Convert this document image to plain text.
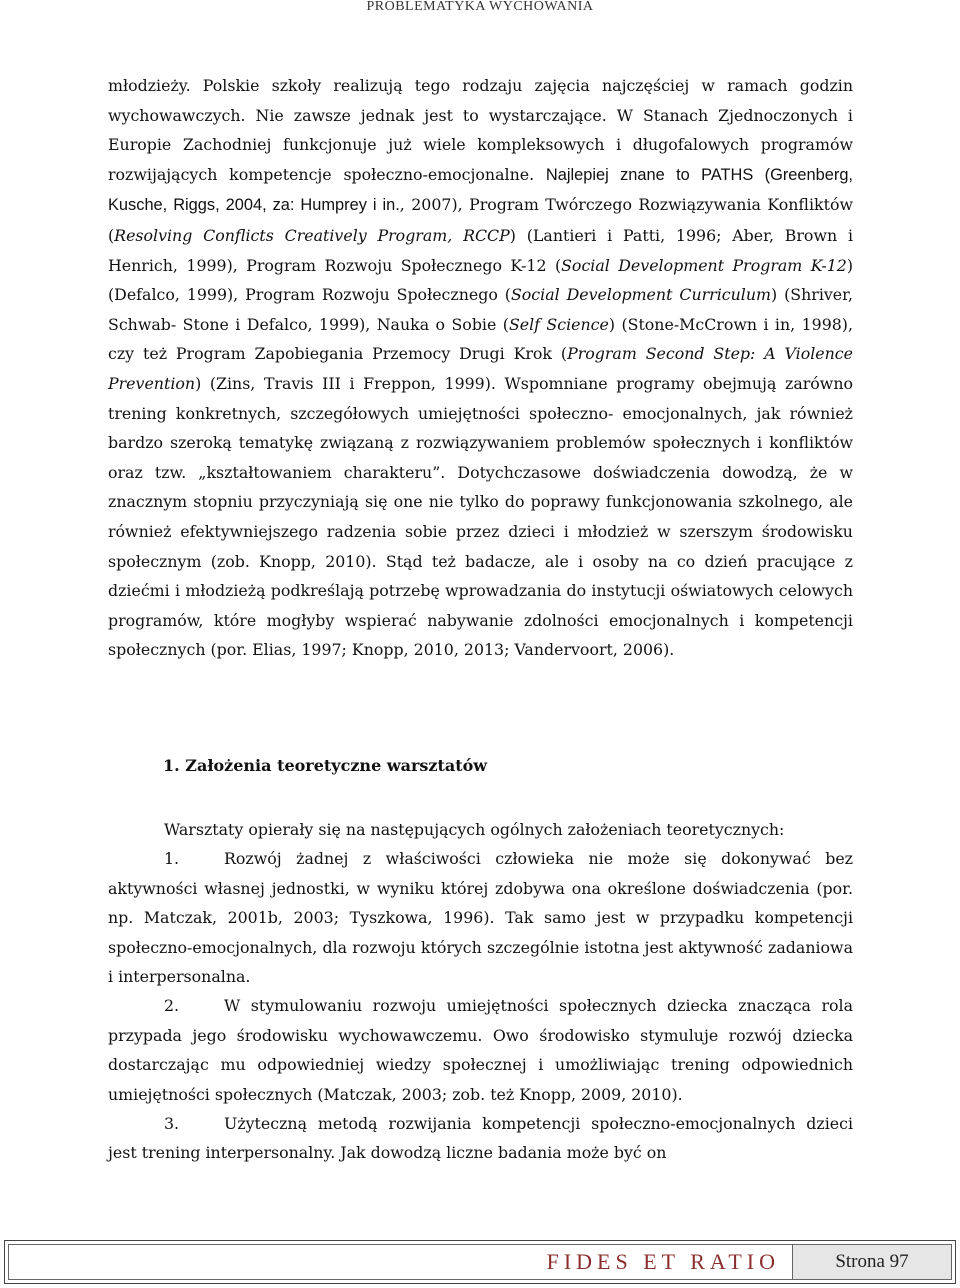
PROBLEMATYKA WYCHOWANIA

młodzieży. Polskie szkoły realizują tego rodzaju zajęcia najczęściej w ramach godzin wychowawczych. Nie zawsze jednak jest to wystarczające. W Stanach Zjednoczonych i Europie Zachodniej funkcjonuje już wiele kompleksowych i długofalowych programów rozwijających kompetencje społeczno-emocjonalne. Najlepiej znane to PATHS (Greenberg, Kusche, Riggs, 2004, za: Humprey i in., 2007), Program Twórczego Rozwiązywania Konfliktów (Resolving Conflicts Creatively Program, RCCP) (Lantieri i Patti, 1996; Aber, Brown i Henrich, 1999), Program Rozwoju Społecznego K-12 (Social Development Program K-12) (Defalco, 1999), Program Rozwoju Społecznego (Social Development Curriculum) (Shriver, Schwab- Stone i Defalco, 1999), Nauka o Sobie (Self Science) (Stone-McCrown i in, 1998), czy też Program Zapobiegania Przemocy Drugi Krok (Program Second Step: A Violence Prevention) (Zins, Travis III i Freppon, 1999). Wspomniane programy obejmują zarówno trening konkretnych, szczegółowych umiejętności społeczno- emocjonalnych, jak również bardzo szeroką tematykę związaną z rozwiązywaniem problemów społecznych i konfliktów oraz tzw. „kształtowaniem charakteru”. Dotychczasowe doświadczenia dowodzą, że w znacznym stopniu przyczyniają się one nie tylko do poprawy funkcjonowania szkolnego, ale również efektywniejszego radzenia sobie przez dzieci i młodzież w szerszym środowisku społecznym (zob. Knopp, 2010). Stąd też badacze, ale i osoby na co dzień pracujące z dziećmi i młodzieżą podkreślają potrzebę wprowadzania do instytucji oświatowych celowych programów, które mogłyby wspierać nabywanie zdolności emocjonalnych i kompetencji społecznych (por. Elias, 1997; Knopp, 2010, 2013; Vandervoort, 2006).

1. Założenia teoretyczne warsztatów

Warsztaty opierały się na następujących ogólnych założeniach teoretycznych:

1.	Rozwój żadnej z właściwości człowieka nie może się dokonywać bez aktywności własnej jednostki, w wyniku której zdobywa ona określone doświadczenia (por. np. Matczak, 2001b, 2003; Tyszkowa, 1996). Tak samo jest w przypadku kompetencji społeczno-emocjonalnych, dla rozwoju których szczególnie istotna jest aktywność zadaniowa i interpersonalna.

2.	W stymulowaniu rozwoju umiejętności społecznych dziecka znacząca rola przypada jego środowisku wychowawczemu. Owo środowisko stymuluje rozwój dziecka dostarczając mu odpowiedniej wiedzy społecznej i umożliwiając trening odpowiednich umiejętności społecznych (Matczak, 2003; zob. też Knopp, 2009, 2010).

3.	Użyteczną metodą rozwijania kompetencji społeczno-emocjonalnych dzieci jest trening interpersonalny. Jak dowodzą liczne badania może być on

FIDES ET RATIO	Strona 97
